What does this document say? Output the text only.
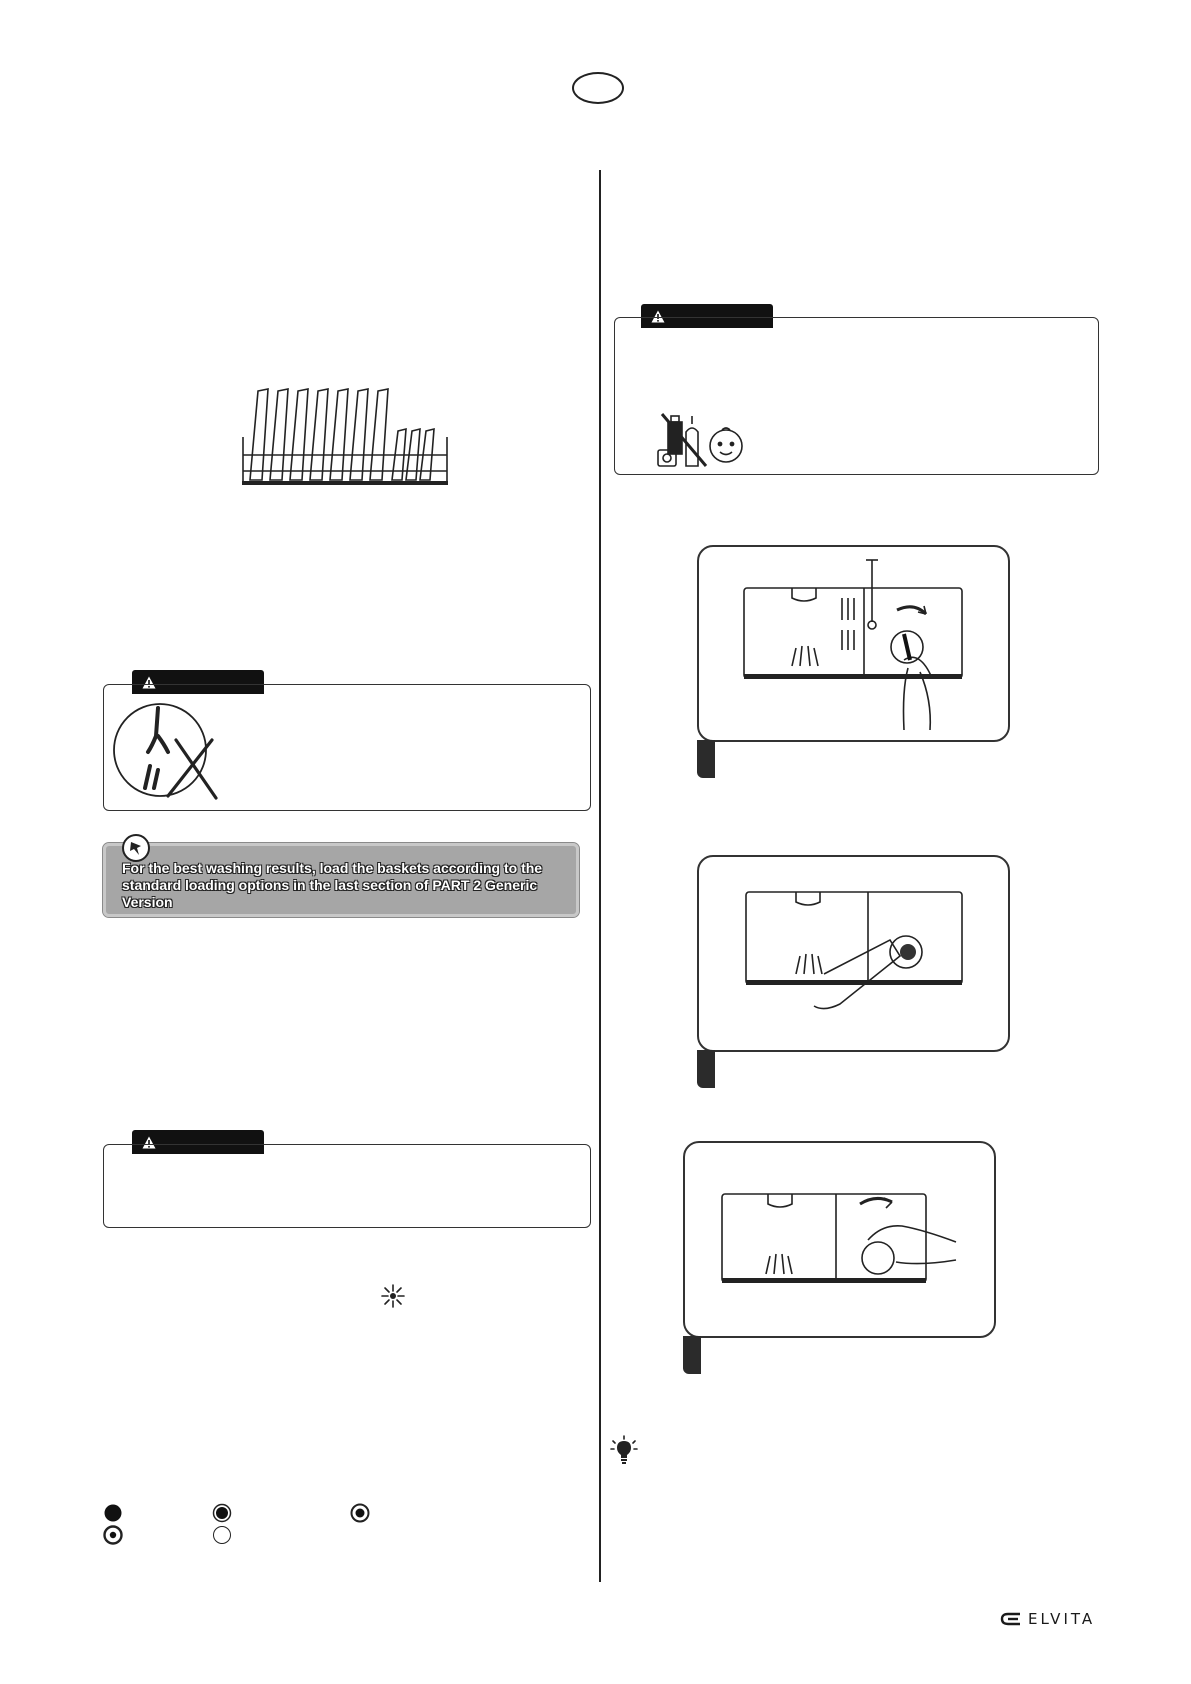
For the best washing results, load the baskets according to the standard loading options in the last section of PART 2 Generic Version
ELVITA
